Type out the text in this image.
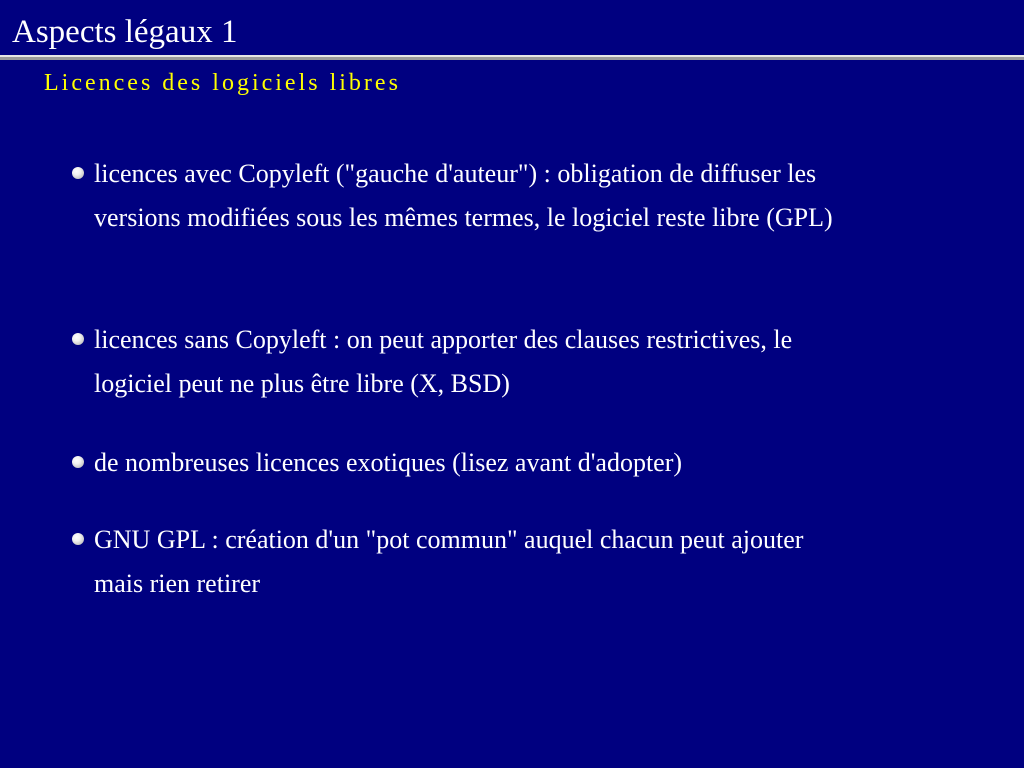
Aspects légaux 1
Licences des logiciels libres
licences avec Copyleft ("gauche d'auteur") : obligation de diffuser les
versions modifiées sous les mêmes termes, le logiciel reste libre (GPL)
licences sans Copyleft : on peut apporter des clauses restrictives, le
logiciel peut ne plus être libre (X, BSD)
de nombreuses licences exotiques (lisez avant d'adopter)
GNU GPL : création d'un "pot commun" auquel chacun peut ajouter
mais rien retirer
